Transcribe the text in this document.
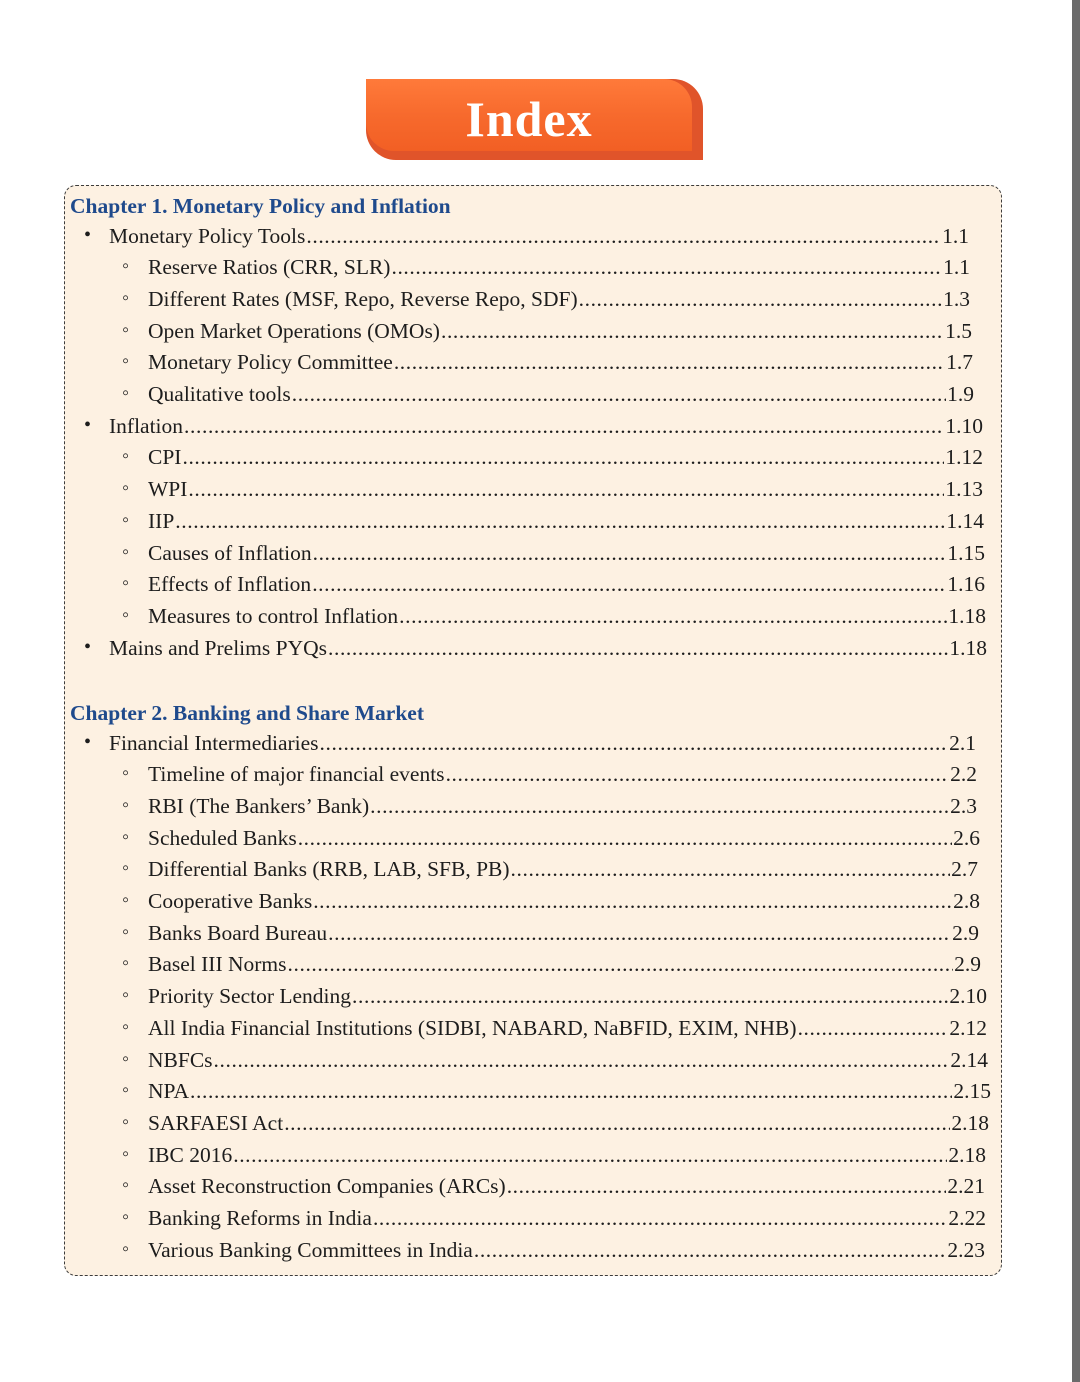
Index
Chapter 1. Monetary Policy and Inflation
• Monetary Policy Tools .....	1.1
◦ Reserve Ratios (CRR, SLR) .....	1.1
◦ Different Rates (MSF, Repo, Reverse Repo, SDF) .....	1.3
◦ Open Market Operations (OMOs) .....	1.5
◦ Monetary Policy Committee .....	1.7
◦ Qualitative tools .....	1.9
• Inflation .....	1.10
◦ CPI .....	1.12
◦ WPI .....	1.13
◦ IIP .....	1.14
◦ Causes of Inflation .....	1.15
◦ Effects of Inflation .....	1.16
◦ Measures to control Inflation .....	1.18
• Mains and Prelims PYQs .....	1.18
Chapter 2. Banking and Share Market
• Financial Intermediaries .....	2.1
◦ Timeline of major financial events .....	2.2
◦ RBI (The Bankers’ Bank) .....	2.3
◦ Scheduled Banks .....	2.6
◦ Differential Banks (RRB, LAB, SFB, PB) .....	2.7
◦ Cooperative Banks .....	2.8
◦ Banks Board Bureau .....	2.9
◦ Basel III Norms .....	2.9
◦ Priority Sector Lending .....	2.10
◦ All India Financial Institutions (SIDBI, NABARD, NaBFID, EXIM, NHB) .....	2.12
◦ NBFCs .....	2.14
◦ NPA .....	2.15
◦ SARFAESI Act .....	2.18
◦ IBC 2016 .....	2.18
◦ Asset Reconstruction Companies (ARCs) .....	2.21
◦ Banking Reforms in India .....	2.22
◦ Various Banking Committees in India .....	2.23
